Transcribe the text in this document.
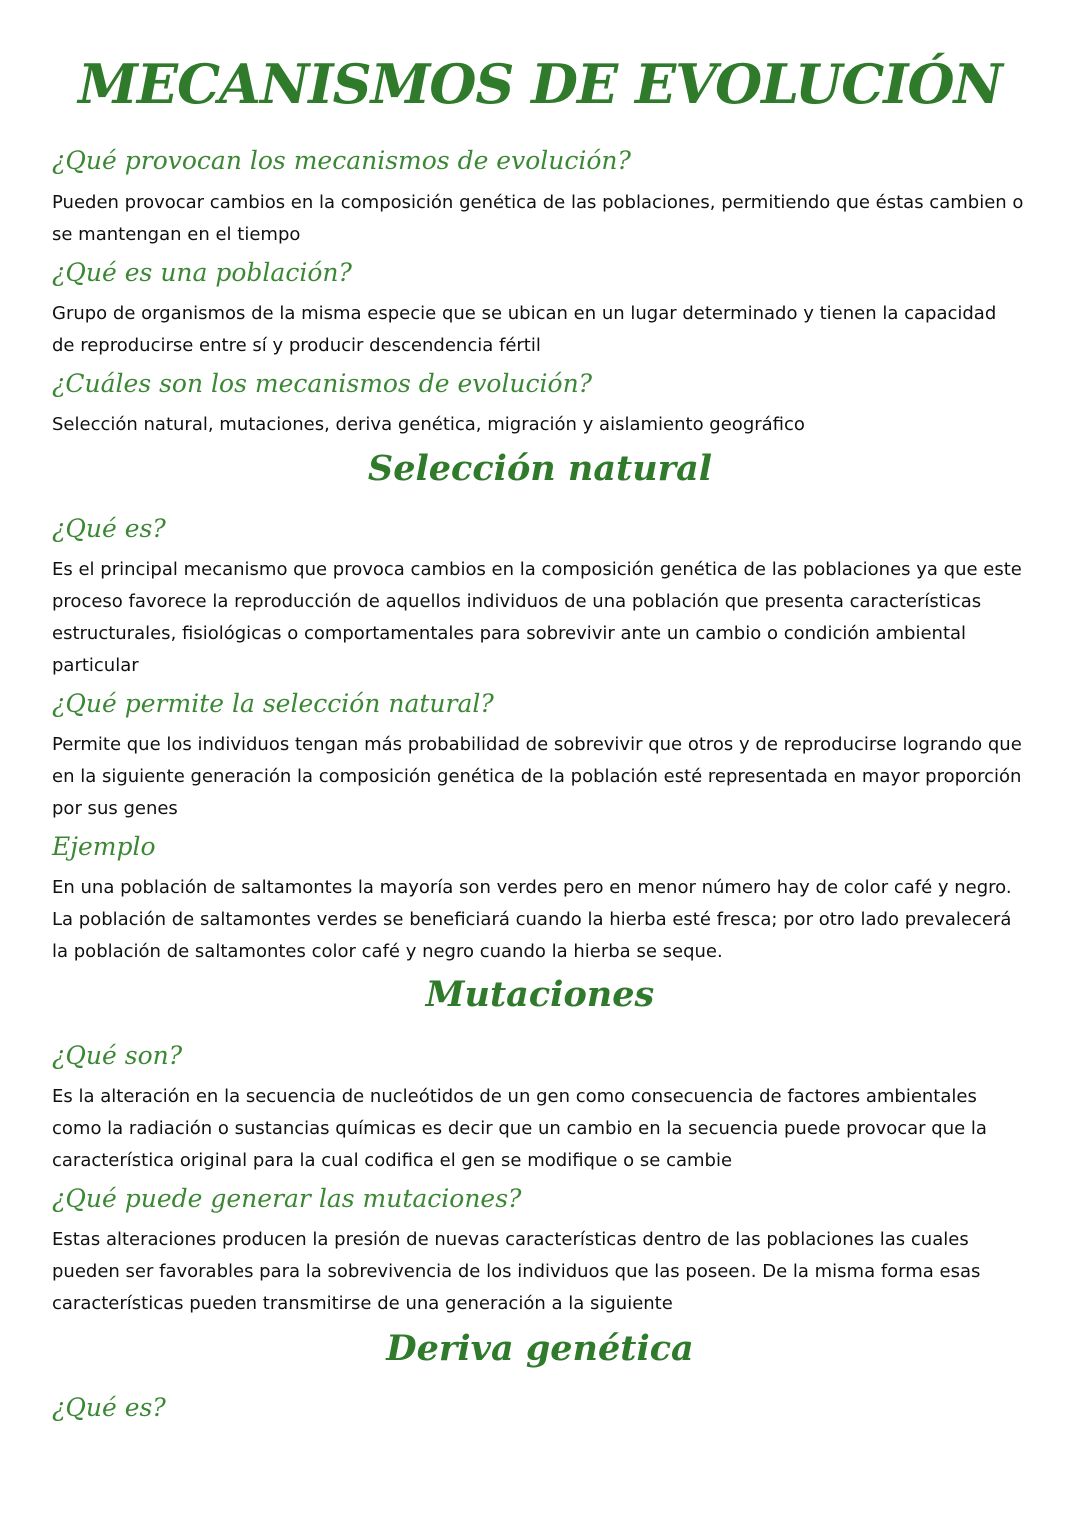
MECANISMOS DE EVOLUCIÓN

¿Qué provocan los mecanismos de evolución?

Pueden provocar cambios en la composición genética de las poblaciones, permitiendo que éstas cambien o se mantengan en el tiempo

¿Qué es una población?

Grupo de organismos de la misma especie que se ubican en un lugar determinado y tienen la capacidad de reproducirse entre sí y producir descendencia fértil

¿Cuáles son los mecanismos de evolución?

Selección natural, mutaciones, deriva genética, migración y aislamiento geográfico

Selección natural

¿Qué es?

Es el principal mecanismo que provoca cambios en la composición genética de las poblaciones ya que este proceso favorece la reproducción de aquellos individuos de una población que presenta características estructurales, fisiológicas o comportamentales para sobrevivir ante un cambio o condición ambiental particular

¿Qué permite la selección natural?

Permite que los individuos tengan más probabilidad de sobrevivir que otros y de reproducirse logrando que en la siguiente generación la composición genética de la población esté representada en mayor proporción por sus genes

Ejemplo

En una población de saltamontes la mayoría son verdes pero en menor número hay de color café y negro. La población de saltamontes verdes se beneficiará cuando la hierba esté fresca; por otro lado prevalecerá la población de saltamontes color café y negro cuando la hierba se seque.

Mutaciones

¿Qué son?

Es la alteración en la secuencia de nucleótidos de un gen como consecuencia de factores ambientales como la radiación o sustancias químicas es decir que un cambio en la secuencia puede provocar que la característica original para la cual codifica el gen se modifique o se cambie

¿Qué puede generar las mutaciones?

Estas alteraciones producen la presión de nuevas características dentro de las poblaciones las cuales pueden ser favorables para la sobrevivencia de los individuos que las poseen. De la misma forma esas características pueden transmitirse de una generación a la siguiente

Deriva genética

¿Qué es?
